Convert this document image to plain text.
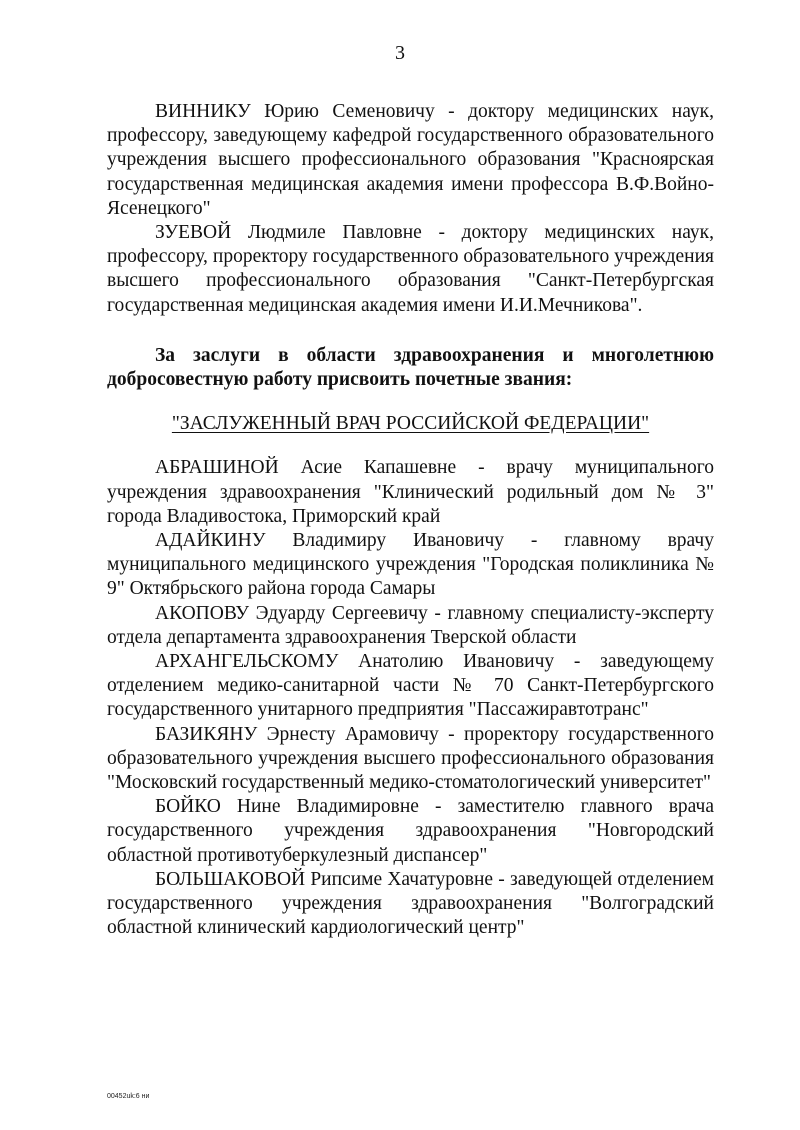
3

ВИННИКУ Юрию Семеновичу - доктору медицинских наук, профессору, заведующему кафедрой государственного образовательного учреждения высшего профессионального образования "Красноярская государственная медицинская академия имени профессора В.Ф.Войно-Ясенецкого"

ЗУЕВОЙ Людмиле Павловне - доктору медицинских наук, профессору, проректору государственного образовательного учреждения высшего профессионального образования "Санкт-Петербургская государственная медицинская академия имени И.И.Мечникова".

За заслуги в области здравоохранения и многолетнюю добросовестную работу присвоить почетные звания:

"ЗАСЛУЖЕННЫЙ ВРАЧ РОССИЙСКОЙ ФЕДЕРАЦИИ"

АБРАШИНОЙ Асие Капашевне - врачу муниципального учреждения здравоохранения "Клинический родильный дом № 3" города Владивостока, Приморский край

АДАЙКИНУ Владимиру Ивановичу - главному врачу муниципального медицинского учреждения "Городская поликлиника № 9" Октябрьского района города Самары

АКОПОВУ Эдуарду Сергеевичу - главному специалисту-эксперту отдела департамента здравоохранения Тверской области

АРХАНГЕЛЬСКОМУ Анатолию Ивановичу - заведующему отделением медико-санитарной части № 70 Санкт-Петербургского государственного унитарного предприятия "Пассажиравтотранс"

БАЗИКЯНУ Эрнесту Арамовичу - проректору государственного образовательного учреждения высшего профессионального образования "Московский государственный медико-стоматологический университет"

БОЙКО Нине Владимировне - заместителю главного врача государственного учреждения здравоохранения "Новгородский областной противотуберкулезный диспансер"

БОЛЬШАКОВОЙ Рипсиме Хачатуровне - заведующей отделением государственного учреждения здравоохранения "Волгоградский областной клинический кардиологический центр"

00452uk:6 ни
